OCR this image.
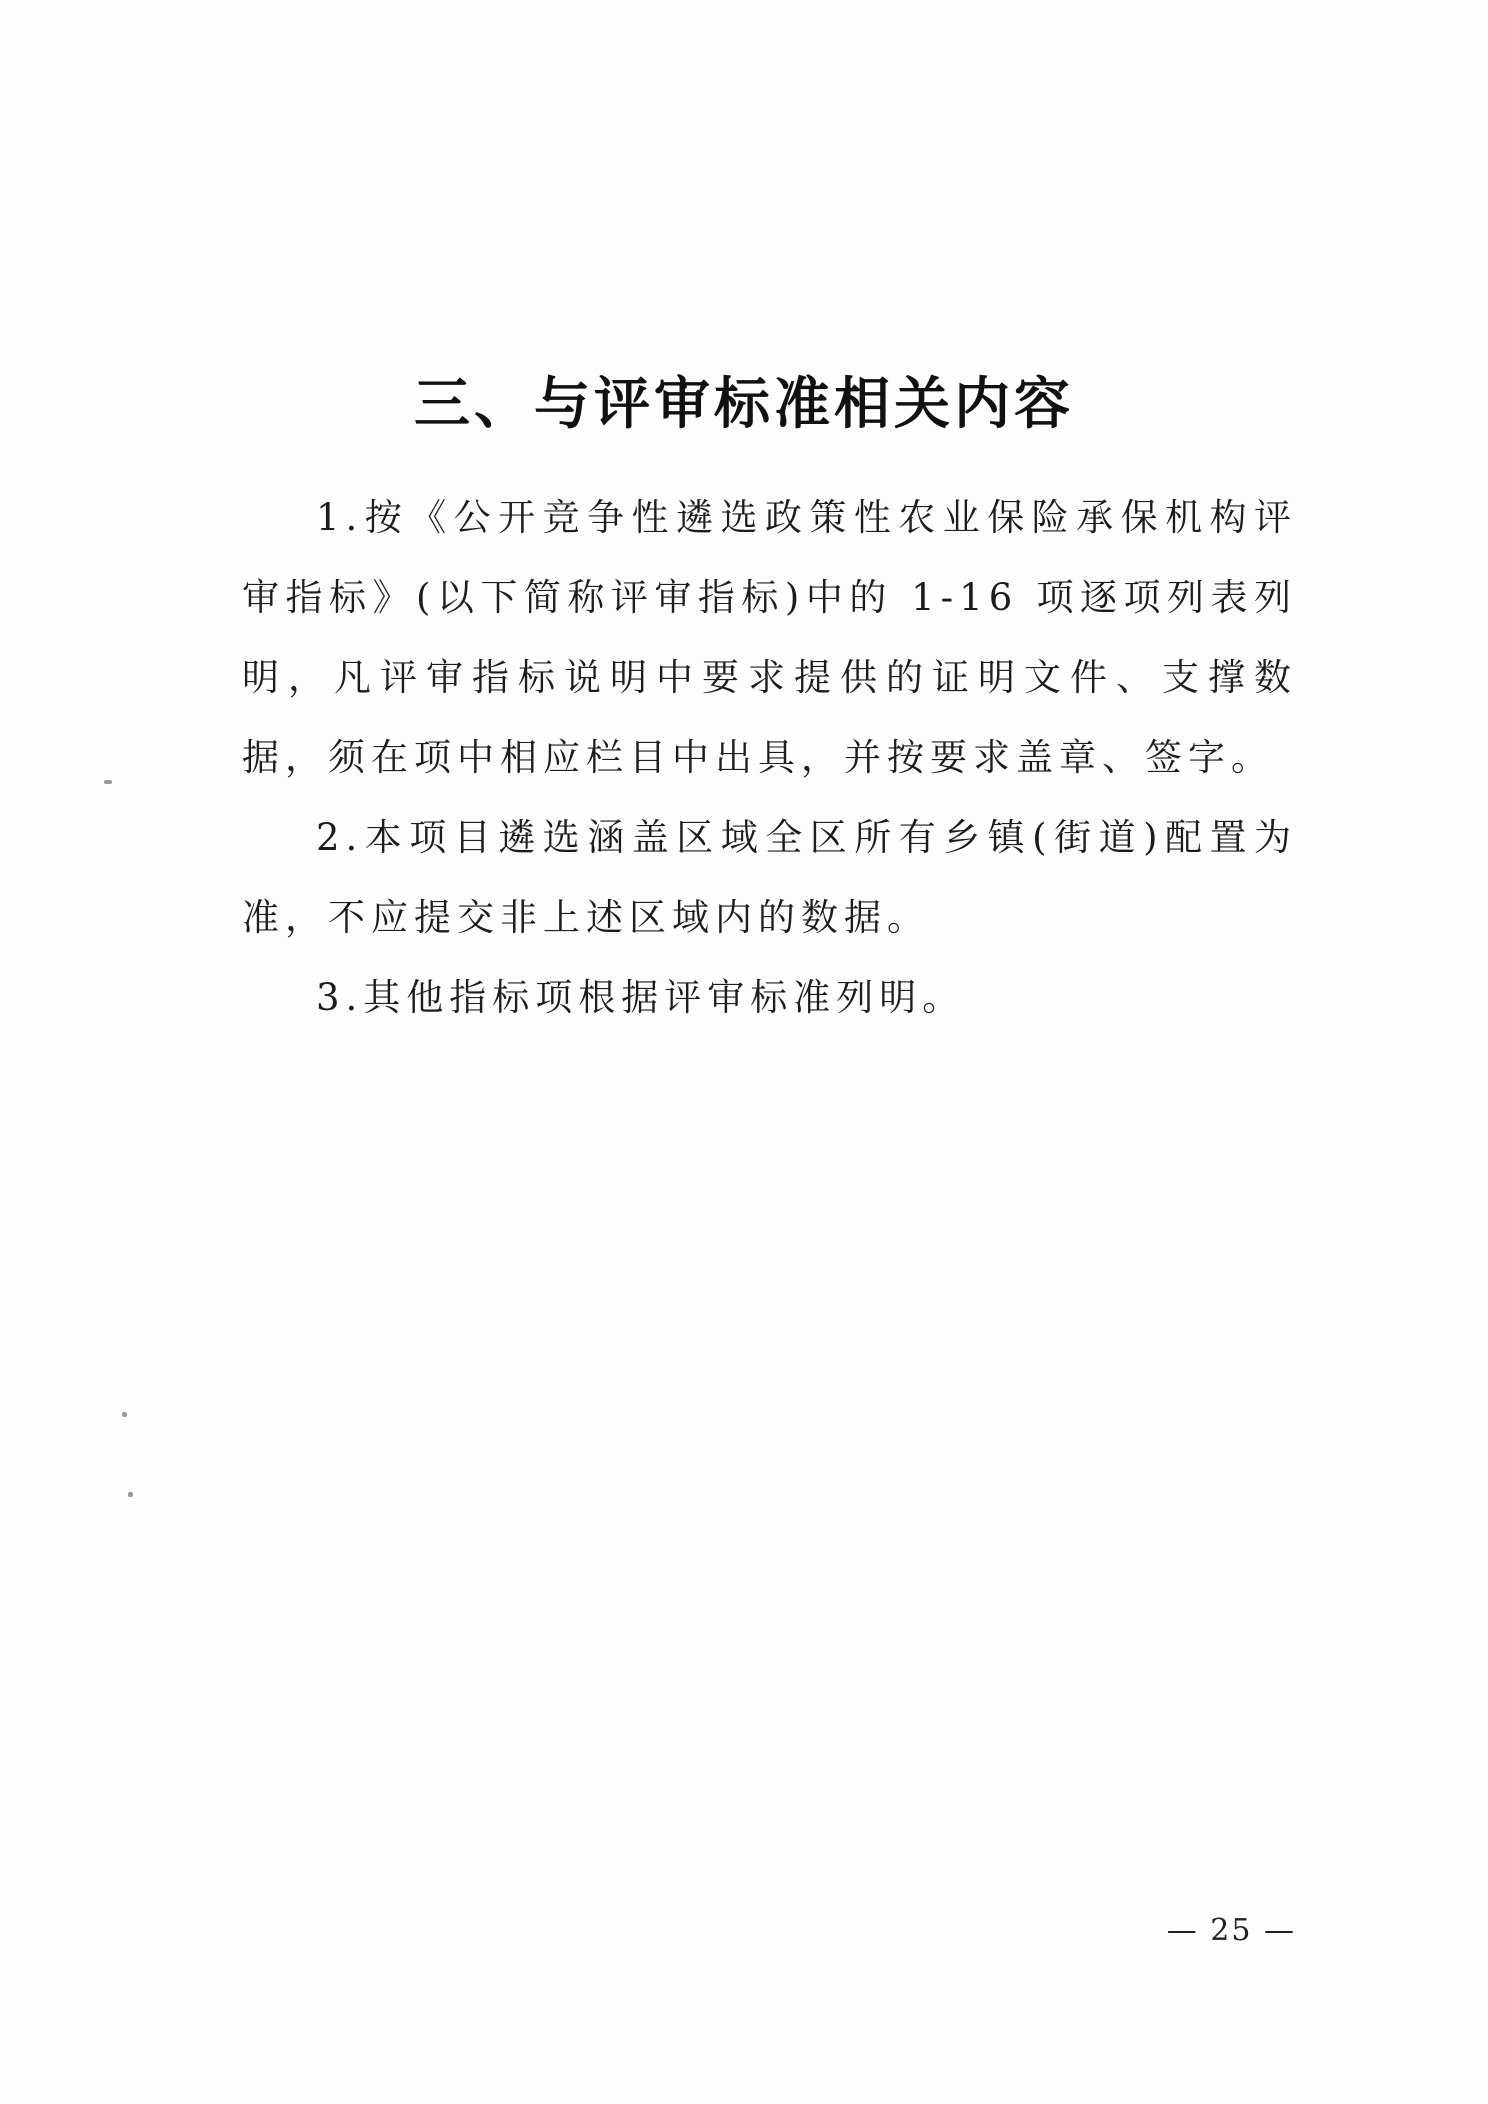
三、与评审标准相关内容

1.按《公开竞争性遴选政策性农业保险承保机构评审指标》(以下简称评审指标)中的 1-16 项逐项列表列明，凡评审指标说明中要求提供的证明文件、支撑数据，须在项中相应栏目中出具，并按要求盖章、签字。

2.本项目遴选涵盖区域全区所有乡镇(街道)配置为准，不应提交非上述区域内的数据。

3.其他指标项根据评审标准列明。

— 25 —
